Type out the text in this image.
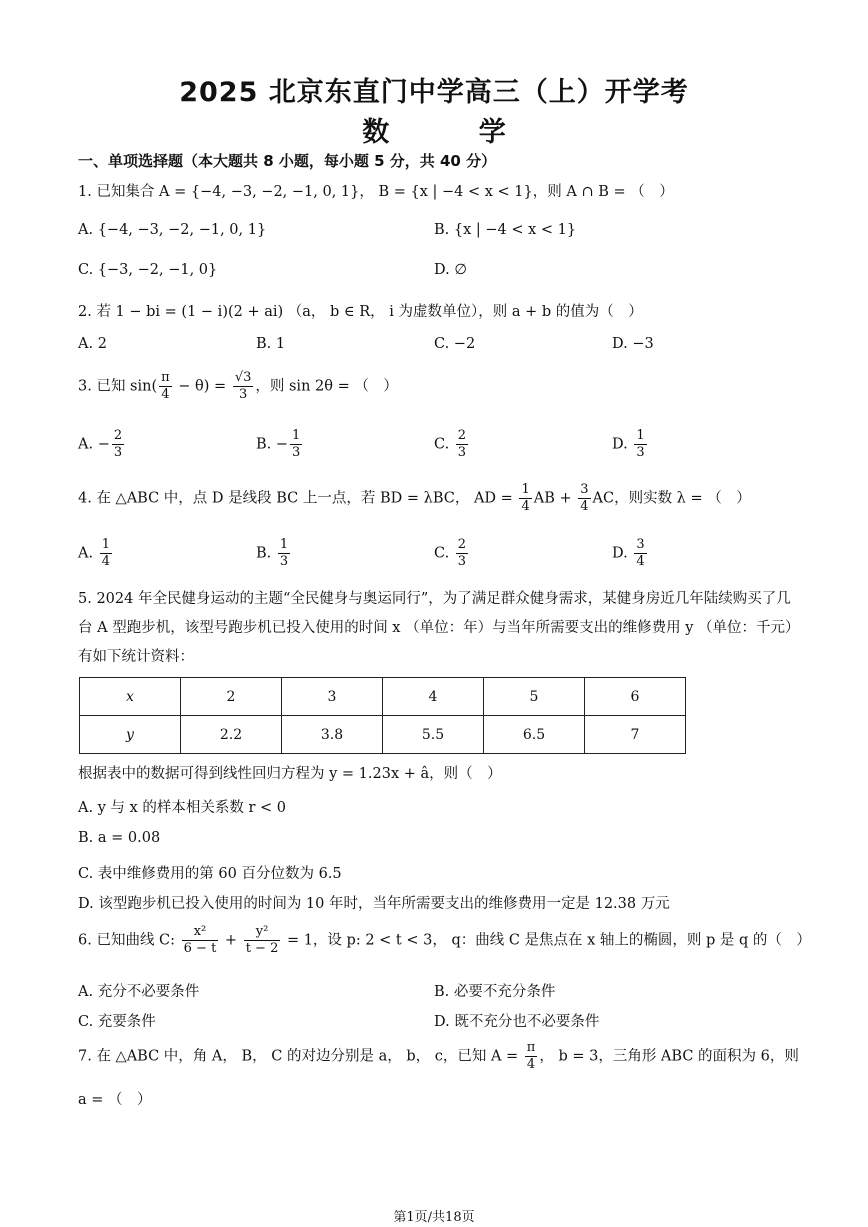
2025 北京东直门中学高三（上）开学考
数 学
一、单项选择题（本大题共 8 小题，每小题 5 分，共 40 分）
1. 已知集合 A = {−4, −3, −2, −1, 0, 1}， B = {x | −4 < x < 1}，则 A ∩ B = （　）
A. {−4, −3, −2, −1, 0, 1}	B. {x | −4 < x < 1}
C. {−3, −2, −1, 0}	D. ∅
2. 若 1 − bi = (1 − i)(2 + ai) （a， b ∈ R， i 为虚数单位），则 a + b 的值为（　）
A. 2	B. 1	C. −2	D. −3
3. 已知 $\sin( \frac{\pi}{4} - \theta) = \frac{√3}{3}$ ，则 sin 2θ = （　）
A. − $\frac{2}{3}$	B. − $\frac{1}{3}$	C. $\frac{2}{3}$	D. $\frac{1}{3}$
4. 在 △ABC 中，点 D 是线段 BC 上一点，若 BD = λBC， AD = $\frac{1}{4}$ AB + $\frac{3}{4}$ AC，则实数 λ = （　）
A. $\frac{1}{4}$	B. $\frac{1}{3}$	C. $\frac{2}{3}$	D. $\frac{3}{4}$
5. 2024 年全民健身运动的主题“全民健身与奥运同行”，为了满足群众健身需求，某健身房近几年陆续购买了几台 A 型跑步机，该型号跑步机已投入使用的时间 x （单位：年）与当年所需要支出的维修费用 y （单位：千元）有如下统计资料：
x	2	3	4	5	6
y	2.2	3.8	5.5	6.5	7
根据表中的数据可得到线性回归方程为 y = 1.23x + â，则（　）
A. y 与 x 的样本相关系数 r < 0
B. a = 0.08
C. 表中维修费用的第 60 百分位数为 6.5
D. 该型跑步机已投入使用的时间为 10 年时，当年所需要支出的维修费用一定是 12.38 万元
6. 已知曲线 C: $\frac{\text{x²}}{6 - t} + \frac{\text{y²}}{t - 2} = 1$，设 p: 2 < t < 3， q：曲线 C 是焦点在 x 轴上的椭圆，则 p 是 q 的（　）
A. 充分不必要条件	B. 必要不充分条件
C. 充要条件	D. 既不充分也不必要条件
7. 在 △ABC 中，角 A， B， C 的对边分别是 a， b， c，已知 $A = \frac{\pi}{4}$ ， b = 3，三角形 ABC 的面积为 6，则
a = （　）
第1页/共18页
